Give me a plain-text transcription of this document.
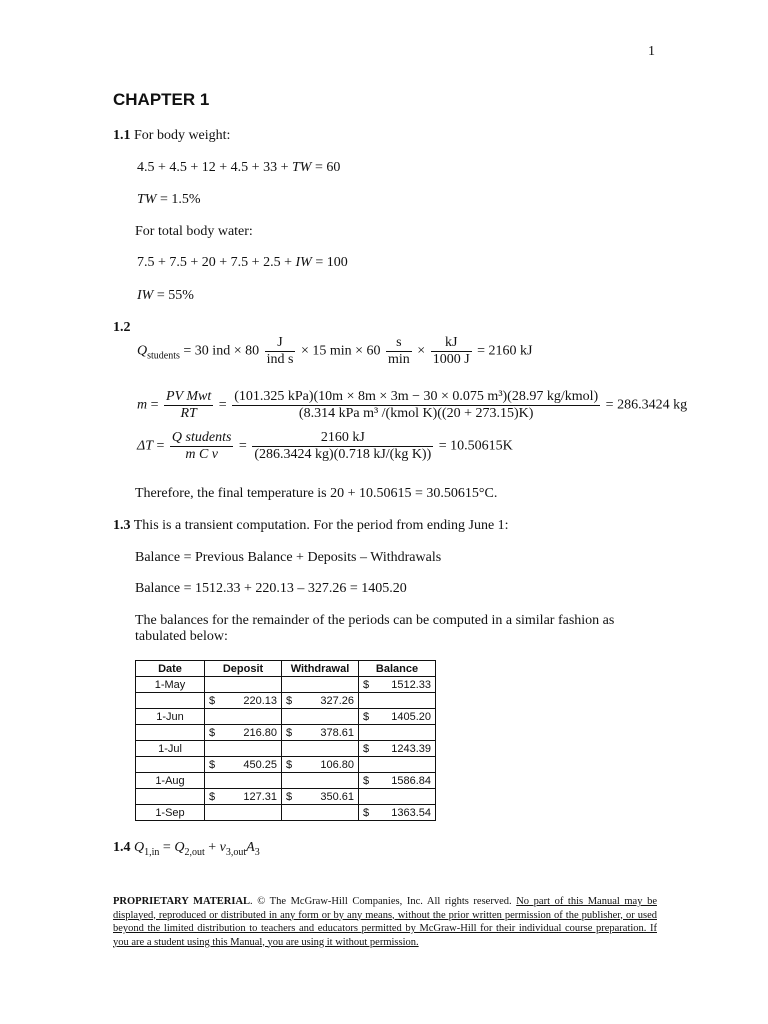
1
CHAPTER 1
1.1 For body weight:
4.5 + 4.5 + 12 + 4.5 + 33 + TW = 60
TW = 1.5%
For total body water:
7.5 + 7.5 + 20 + 7.5 + 2.5 + IW = 100
IW = 55%
1.2
$Q_{students} = 30$ ind × $80 \frac{J}{\text{ind s}} \times 15$ $\min \times 60 \frac{s}{\min} \times \frac{kJ}{1000 J} = 2160$ kJ
$m = \frac{\text{PV Mwt}}{RT} = \frac{\text{(101.325 kPa)(10m × 8m × 3m − 30 × 0.075 m³)(28.97 kg/kmol)}}{\text{(8.314 kPa m³ /(kmol K)((20 + 273.15)K)}} = 286.3424$ kg
$\Delta T = \frac{\text{Q students}}{\text{m C v}} = \frac{2160 kJ}{\text{(286.3424 kg)(0.718 kJ/(kg K))}} = 10.50615K$
Therefore, the final temperature is 20 + 10.50615 = 30.50615°C.
1.3 This is a transient computation. For the period from ending June 1:
Balance = Previous Balance + Deposits – Withdrawals
Balance = 1512.33 + 220.13 – 327.26 = 1405.20
The balances for the remainder of the periods can be computed in a similar fashion as
tabulated below:
Date	Deposit	Withdrawal	Balance
1-May			$ 1512.33

	$ 220.13	$ 327.26	

1-Jun			$ 1405.20

	$ 216.80	$ 378.61	

1-Jul			$ 1243.39

	$ 450.25	$ 106.80	

1-Aug			$ 1586.84

	$ 127.31	$ 350.61	

1-Sep			$ 1363.54
1.4 $Q_{1,in} = Q_{2,out} + v_{3,out}A_3$
PROPRIETARY MATERIAL. © The McGraw-Hill Companies, Inc. All rights reserved. No part of this Manual may be displayed, reproduced or distributed in any form or by any means, without the prior written permission of the publisher, or used beyond the limited distribution to teachers and educators permitted by McGraw-Hill for their individual course preparation. If you are a student using this Manual, you are using it without permission.
